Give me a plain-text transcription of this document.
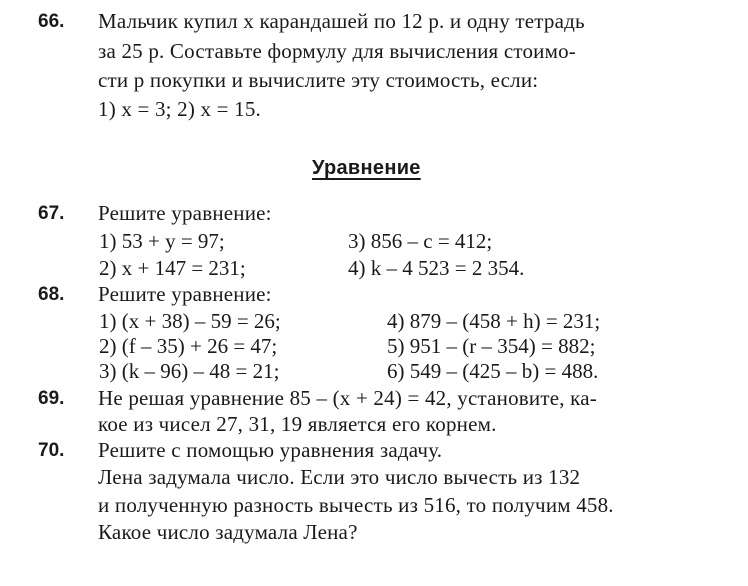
66. Мальчик купил x карандашей по 12 р. и одну тетрадь
за 25 р. Составьте формулу для вычисления стоимо-
сти p покупки и вычислите эту стоимость, если:
1) x = 3; 2) x = 15.
Уравнение
67. Решите уравнение:
1) 53 + y = 97;	3) 856 – c = 412;
2) x + 147 = 231;	4) k – 4 523 = 2 354.
68. Решите уравнение:
1) (x + 38) – 59 = 26;	4) 879 – (458 + h) = 231;
2) (f – 35) + 26 = 47;	5) 951 – (r – 354) = 882;
3) (k – 96) – 48 = 21;	6) 549 – (425 – b) = 488.
69. Не решая уравнение 85 – (x + 24) = 42, установите, ка-
кое из чисел 27, 31, 19 является его корнем.
70. Решите с помощью уравнения задачу.
Лена задумала число. Если это число вычесть из 132
и полученную разность вычесть из 516, то получим 458.
Какое число задумала Лена?
